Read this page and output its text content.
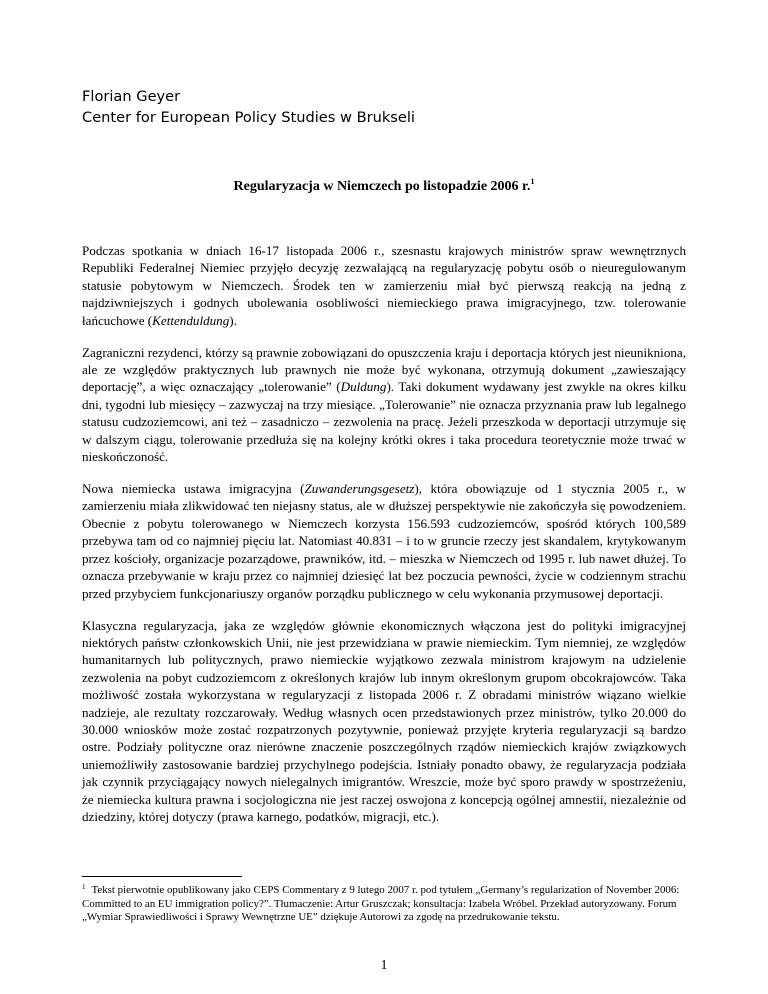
Florian Geyer
Center for European Policy Studies w Brukseli
Regularyzacja w Niemczech po listopadzie 2006 r.$^1$

Podczas spotkania w dniach 16-17 listopada 2006 r., szesnastu krajowych ministrów spraw wewnętrznych Republiki Federalnej Niemiec przyjęło decyzję zezwalającą na regularyzację pobytu osób o nieuregulowanym statusie pobytowym w Niemczech. Środek ten w zamierzeniu miał być pierwszą reakcją na jedną z najdziwniejszych i godnych ubolewania osobliwości niemieckiego prawa imigracyjnego, tzw. tolerowanie łańcuchowe (Kettenduldung).

Zagraniczni rezydenci, którzy są prawnie zobowiązani do opuszczenia kraju i deportacja których jest nieunikniona, ale ze względów praktycznych lub prawnych nie może być wykonana, otrzymują dokument „zawieszający deportację”, a więc oznaczający „tolerowanie” (Duldung). Taki dokument wydawany jest zwykle na okres kilku dni, tygodni lub miesięcy – zazwyczaj na trzy miesiące. „Tolerowanie” nie oznacza przyznania praw lub legalnego statusu cudzoziemcowi, ani też – zasadniczo – zezwolenia na pracę. Jeżeli przeszkoda w deportacji utrzymuje się w dalszym ciągu, tolerowanie przedłuża się na kolejny krótki okres i taka procedura teoretycznie może trwać w nieskończoność.

Nowa niemiecka ustawa imigracyjna (Zuwanderungsgesetz), która obowiązuje od 1 stycznia 2005 r., w zamierzeniu miała zlikwidować ten niejasny status, ale w dłuższej perspektywie nie zakończyła się powodzeniem. Obecnie z pobytu tolerowanego w Niemczech korzysta 156.593 cudzoziemców, spośród których 100,589 przebywa tam od co najmniej pięciu lat. Natomiast 40.831 – i to w gruncie rzeczy jest skandalem, krytykowanym przez kościoły, organizacje pozarządowe, prawników, itd. – mieszka w Niemczech od 1995 r. lub nawet dłużej. To oznacza przebywanie w kraju przez co najmniej dziesięć lat bez poczucia pewności, życie w codziennym strachu przed przybyciem funkcjonariuszy organów porządku publicznego w celu wykonania przymusowej deportacji.

Klasyczna regularyzacja, jaka ze względów głównie ekonomicznych włączona jest do polityki imigracyjnej niektórych państw członkowskich Unii, nie jest przewidziana w prawie niemieckim. Tym niemniej, ze względów humanitarnych lub politycznych, prawo niemieckie wyjątkowo zezwala ministrom krajowym na udzielenie zezwolenia na pobyt cudzoziemcom z określonych krajów lub innym określonym grupom obcokrajowców. Taka możliwość została wykorzystana w regularyzacji z listopada 2006 r. Z obradami ministrów wiązano wielkie nadzieje, ale rezultaty rozczarowały. Według własnych ocen przedstawionych przez ministrów, tylko 20.000 do 30.000 wniosków może zostać rozpatrzonych pozytywnie, ponieważ przyjęte kryteria regularyzacji są bardzo ostre. Podziały polityczne oraz nierówne znaczenie poszczególnych rządów niemieckich krajów związkowych uniemożliwiły zastosowanie bardziej przychylnego podejścia. Istniały ponadto obawy, że regularyzacja podziała jak czynnik przyciągający nowych nielegalnych imigrantów. Wreszcie, może być sporo prawdy w spostrzeżeniu, że niemiecka kultura prawna i socjologiczna nie jest raczej oswojona z koncepcją ogólnej amnestii, niezależnie od dziedziny, której dotyczy (prawa karnego, podatków, migracji, etc.).

$^1$ Tekst pierwotnie opublikowany jako CEPS Commentary z 9 lutego 2007 r. pod tytułem „Germany’s regularization of November 2006: Committed to an EU immigration policy?”. Tłumaczenie: Artur Gruszczak; konsultacja: Izabela Wróbel. Przekład autoryzowany. Forum „Wymiar Sprawiedliwości i Sprawy Wewnętrzne UE” dziękuje Autorowi za zgodę na przedrukowanie tekstu.
1
